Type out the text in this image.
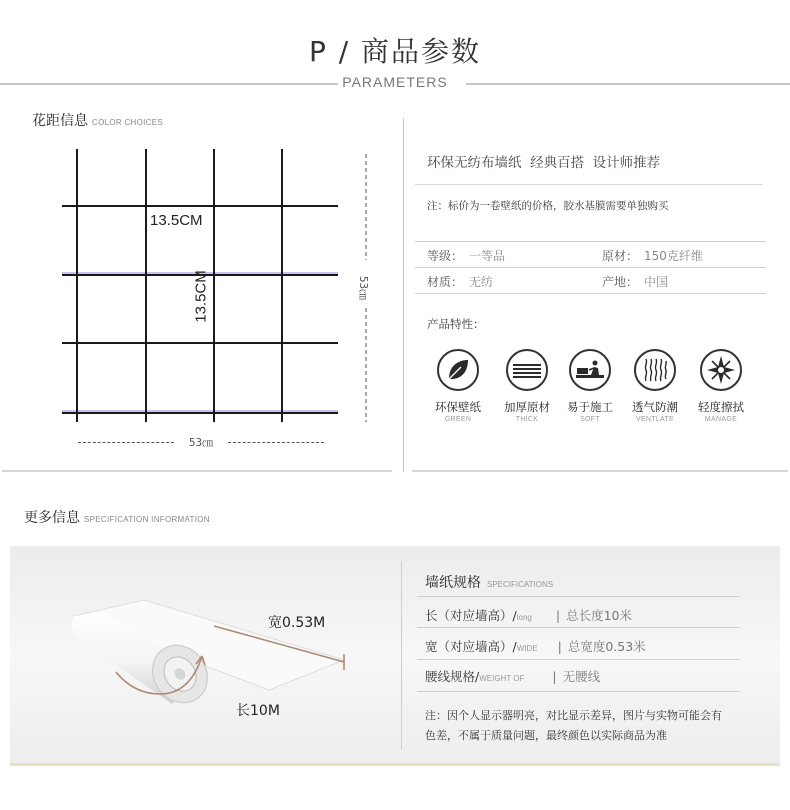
P / 商品参数
PARAMETERS
花距信息 COLOR CHOICES
13.5CM
13.5CM	53㎝
53㎝
环保无纺布墙纸  经典百搭  设计师推荐
注：标价为一卷壁纸的价格，胶水基膜需要单独购买
等级： 一等品	原材： 150克纤维
材质： 无纺	产地： 中国
产品特性：
环保壁纸
GREEN
加厚原材
THICK
易于施工
SOFT
透气防潮
VENTLATE
轻度擦拭
MANAGE
更多信息 SPECIFICATION INFORMATION
宽0.53M
长10M
墙纸规格 SPECIFICATIONS
长（对应墙高）/long | 总长度10米
宽（对应墙高）/WIDE | 总宽度0.53米
腰线规格/WEIGHT OF | 无腰线
注：因个人显示器明亮，对比显示差异，图片与实物可能会有
色差，不属于质量问题，最终颜色以实际商品为准
